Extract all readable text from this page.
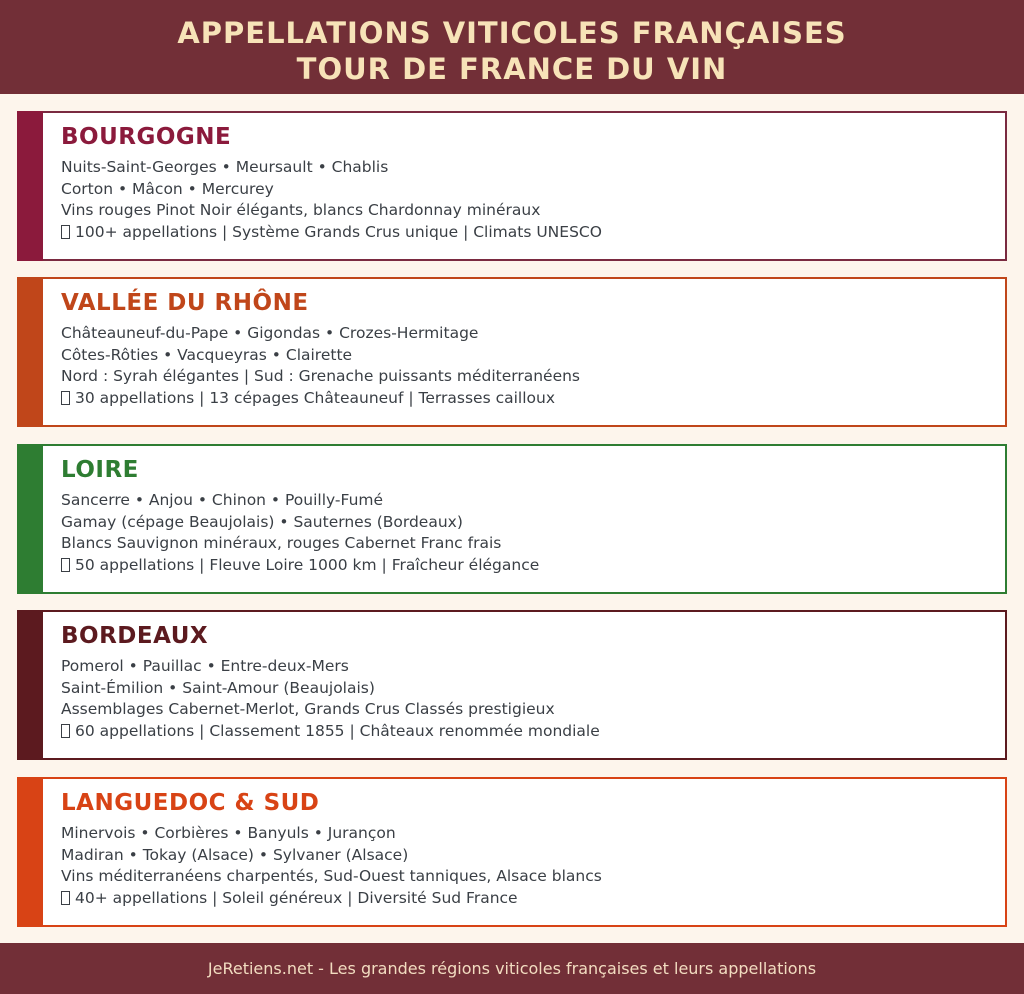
APPELLATIONS VITICOLES FRANÇAISES
TOUR DE FRANCE DU VIN
BOURGOGNE
Nuits-Saint-Georges • Meursault • Chablis
Corton • Mâcon • Mercurey
Vins rouges Pinot Noir élégants, blancs Chardonnay minéraux
100+ appellations | Système Grands Crus unique | Climats UNESCO
VALLÉE DU RHÔNE
Châteauneuf-du-Pape • Gigondas • Crozes-Hermitage
Côtes-Rôties • Vacqueyras • Clairette
Nord : Syrah élégantes | Sud : Grenache puissants méditerranéens
30 appellations | 13 cépages Châteauneuf | Terrasses cailloux
LOIRE
Sancerre • Anjou • Chinon • Pouilly-Fumé
Gamay (cépage Beaujolais) • Sauternes (Bordeaux)
Blancs Sauvignon minéraux, rouges Cabernet Franc frais
50 appellations | Fleuve Loire 1000 km | Fraîcheur élégance
BORDEAUX
Pomerol • Pauillac • Entre-deux-Mers
Saint-Émilion • Saint-Amour (Beaujolais)
Assemblages Cabernet-Merlot, Grands Crus Classés prestigieux
60 appellations | Classement 1855 | Châteaux renommée mondiale
LANGUEDOC & SUD
Minervois • Corbières • Banyuls • Jurançon
Madiran • Tokay (Alsace) • Sylvaner (Alsace)
Vins méditerranéens charpentés, Sud-Ouest tanniques, Alsace blancs
40+ appellations | Soleil généreux | Diversité Sud France
JeRetiens.net - Les grandes régions viticoles françaises et leurs appellations
